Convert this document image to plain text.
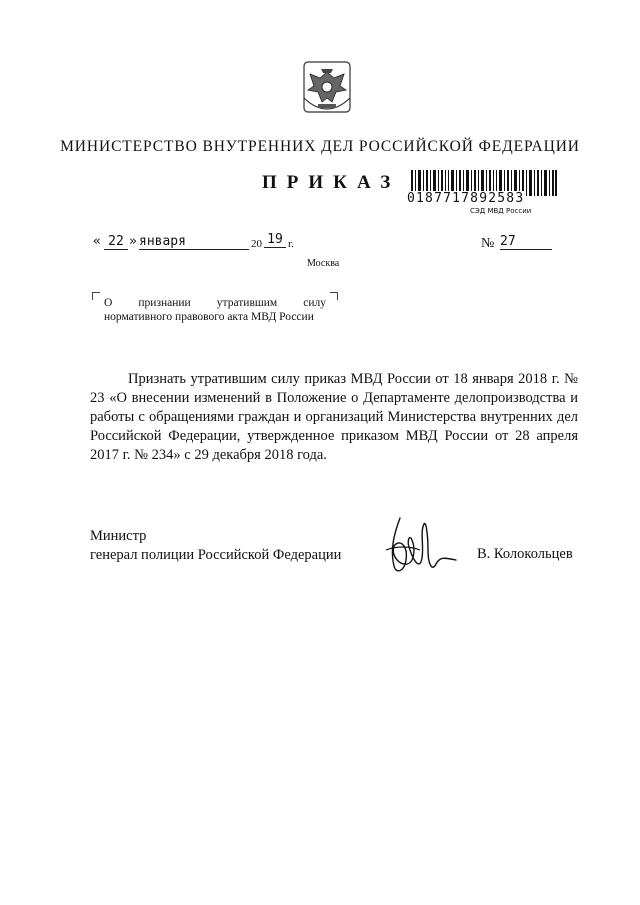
МИНИСТЕРСТВО ВНУТРЕННИХ ДЕЛ РОССИЙСКОЙ ФЕДЕРАЦИИ
ПРИКАЗ
0187717892583
СЭД МВД России
« 22 » января	20 19 г.	№ 27
Москва
О признании утратившим силу
нормативного правового акта МВД России

Признать утратившим силу приказ МВД России от 18 января 2018 г. № 23 «О внесении изменений в Положение о Департаменте делопроизводства и работы с обращениями граждан и организаций Министерства внутренних дел Российской Федерации, утвержденное приказом МВД России от 28 апреля 2017 г. № 234» с 29 декабря 2018 года.

Министр
генерал полиции Российской Федерации	В. Колокольцев
